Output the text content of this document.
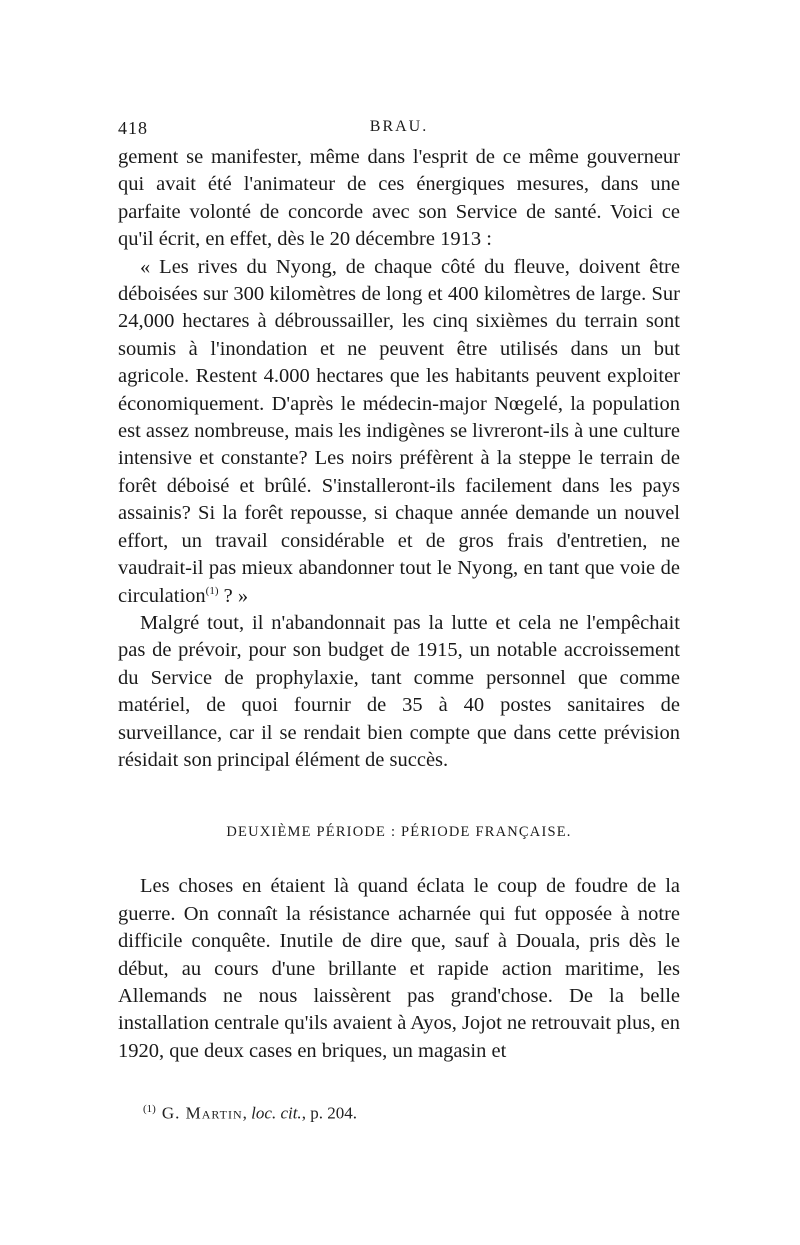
418	BRAU.

gement se manifester, même dans l'esprit de ce même gouverneur qui avait été l'animateur de ces énergiques mesures, dans une parfaite volonté de concorde avec son Service de santé. Voici ce qu'il écrit, en effet, dès le 20 décembre 1913 :

« Les rives du Nyong, de chaque côté du fleuve, doivent être déboisées sur 300 kilomètres de long et 400 kilomètres de large. Sur 24,000 hectares à débroussailler, les cinq sixièmes du terrain sont soumis à l'inondation et ne peuvent être utilisés dans un but agricole. Restent 4.000 hectares que les habitants peuvent exploiter économiquement. D'après le médecin-major Nœgelé, la population est assez nombreuse, mais les indigènes se livreront-ils à une culture intensive et constante? Les noirs préfèrent à la steppe le terrain de forêt déboisé et brûlé. S'installeront-ils facilement dans les pays assainis? Si la forêt repousse, si chaque année demande un nouvel effort, un travail considérable et de gros frais d'entretien, ne vaudrait-il pas mieux abandonner tout le Nyong, en tant que voie de circulation$^{(1)}$ ? »

Malgré tout, il n'abandonnait pas la lutte et cela ne l'empêchait pas de prévoir, pour son budget de 1915, un notable accroissement du Service de prophylaxie, tant comme personnel que comme matériel, de quoi fournir de 35 à 40 postes sanitaires de surveillance, car il se rendait bien compte que dans cette prévision résidait son principal élément de succès.

DEUXIÈME PÉRIODE : PÉRIODE FRANÇAISE.

Les choses en étaient là quand éclata le coup de foudre de la guerre. On connaît la résistance acharnée qui fut opposée à notre difficile conquête. Inutile de dire que, sauf à Douala, pris dès le début, au cours d'une brillante et rapide action maritime, les Allemands ne nous laissèrent pas grand'chose. De la belle installation centrale qu'ils avaient à Ayos, Jojot ne retrouvait plus, en 1920, que deux cases en briques, un magasin et

$^{(1)}$ G. Martin, loc. cit., p. 204.
